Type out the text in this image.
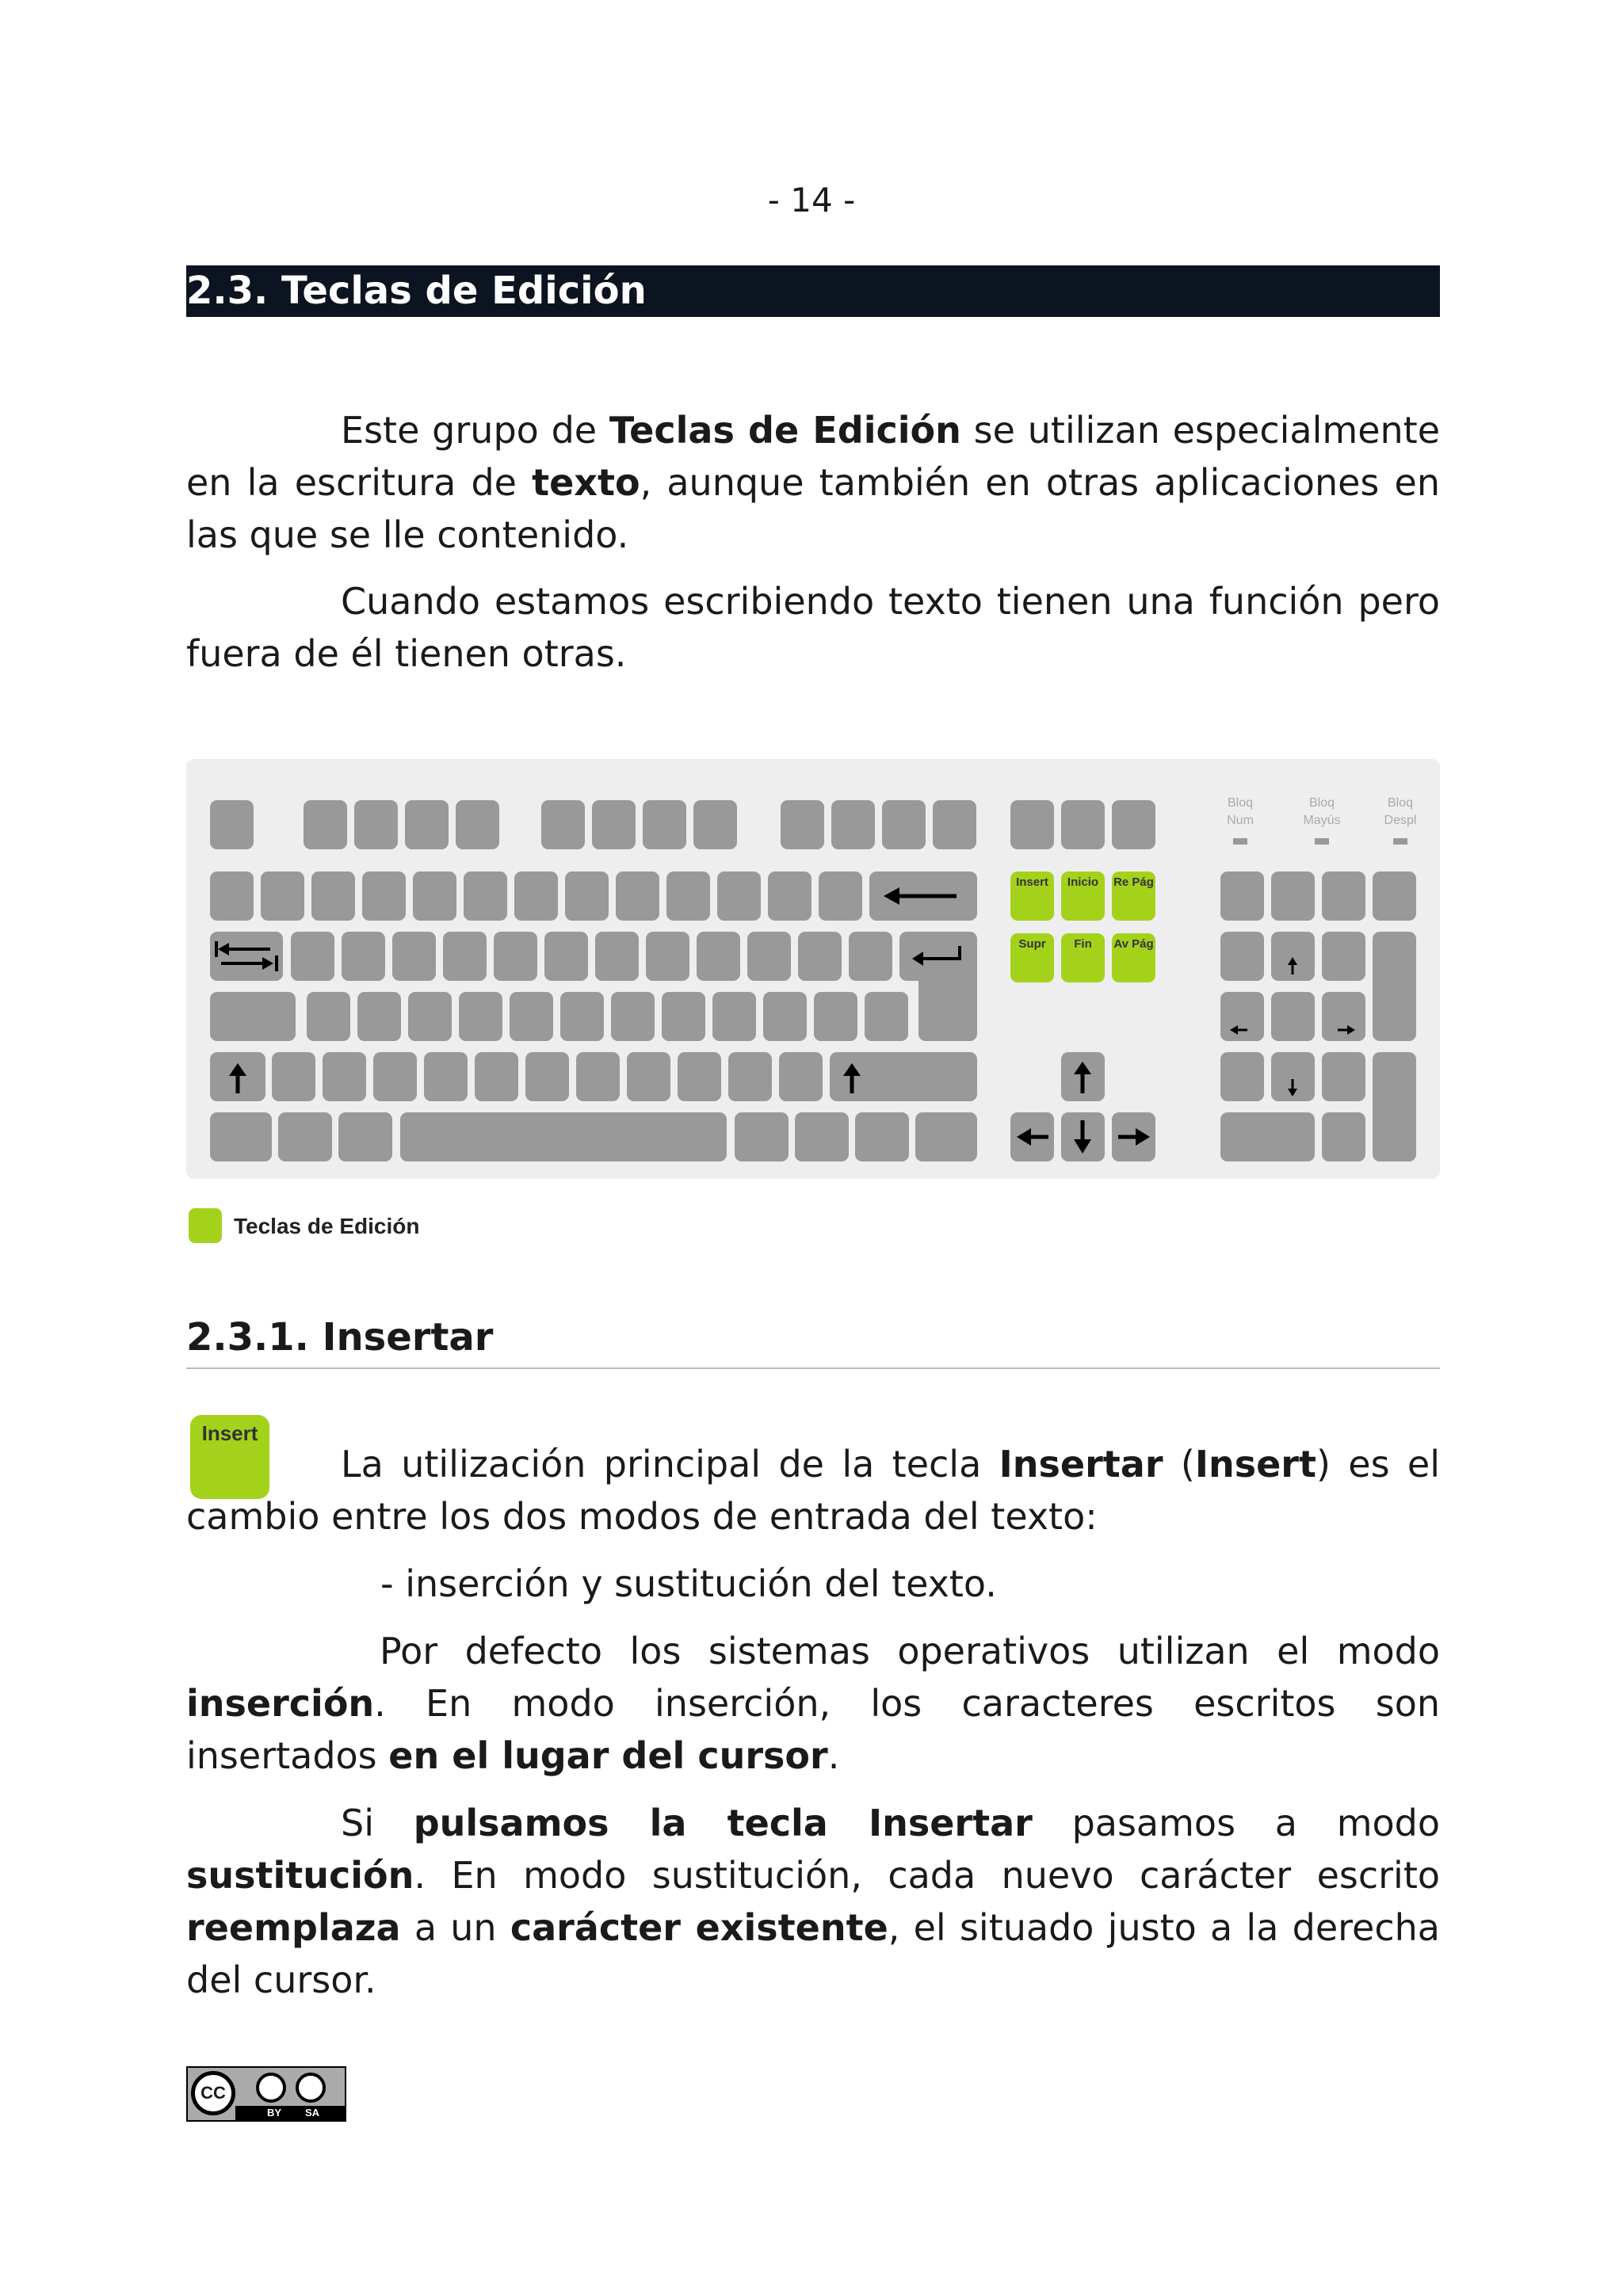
- 14 -
2.3. Teclas de Edición
Este grupo de Teclas de Edición se utilizan especialmente en la escritura de texto, aunque también en otras aplicaciones en las que se lle contenido.
Cuando estamos escribiendo texto tienen una función pero fuera de él tienen otras.
Bloq Num
Bloq Mayús
Bloq Despl
Insert	Inicio	Re Pág
Supr	Fin	Av Pág
Teclas de Edición
2.3.1. Insertar
Insert
La utilización principal de la tecla Insertar (Insert) es el cambio entre los dos modos de entrada del texto:
- inserción y sustitución del texto.
Por defecto los sistemas operativos utilizan el modo inserción. En modo inserción, los caracteres escritos son insertados en el lugar del cursor.
Si pulsamos la tecla Insertar pasamos a modo sustitución. En modo sustitución, cada nuevo carácter escrito reemplaza a un carácter existente, el situado justo a la derecha del cursor.
CC
BY SA
